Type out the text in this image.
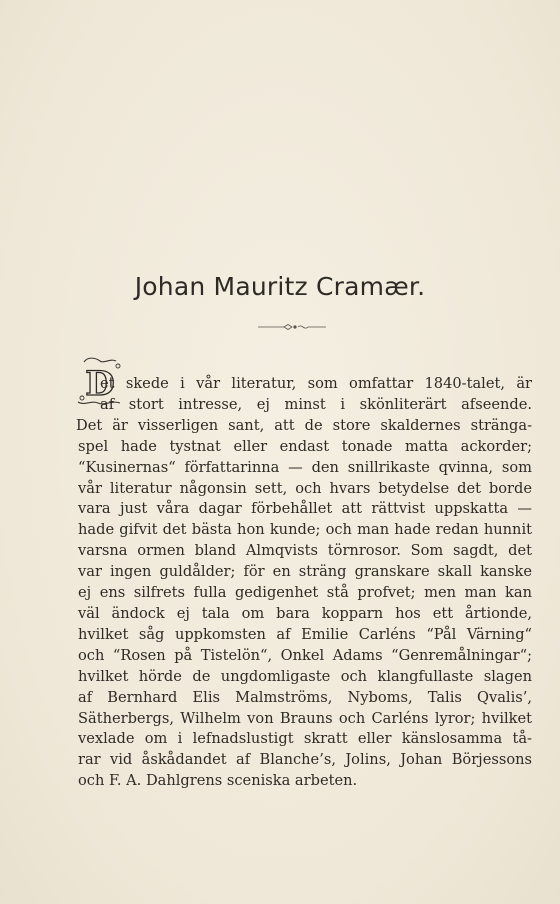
Johan Mauritz Cramær.
D
et skede i vår literatur, som omfattar 1840-talet, är
af stort intresse, ej minst i skönliterärt afseende.
Det är visserligen sant, att de store skaldernes stränga-
spel hade tystnat eller endast tonade matta ackorder;
“Kusinernas“ författarinna — den snillrikaste qvinna, som
vår literatur någonsin sett, och hvars betydelse det borde
vara just våra dagar förbehållet att rättvist uppskatta —
hade gifvit det bästa hon kunde; och man hade redan hunnit
varsna ormen bland Almqvists törnrosor. Som sagdt, det
var ingen guldålder; för en sträng granskare skall kanske
ej ens silfrets fulla gedigenhet stå profvet; men man kan
väl ändock ej tala om bara kopparn hos ett årtionde,
hvilket såg uppkomsten af Emilie Carléns “Pål Värning“
och “Rosen på Tistelön“, Onkel Adams “Genremålningar“;
hvilket hörde de ungdomligaste och klangfullaste slagen
af Bernhard Elis Malmströms, Nyboms, Talis Qvalis’,
Sätherbergs, Wilhelm von Brauns och Carléns lyror; hvilket
vexlade om i lefnadslustigt skratt eller känslosamma tå-
rar vid åskådandet af Blanche’s, Jolins, Johan Börjessons
och F. A. Dahlgrens sceniska arbeten.
